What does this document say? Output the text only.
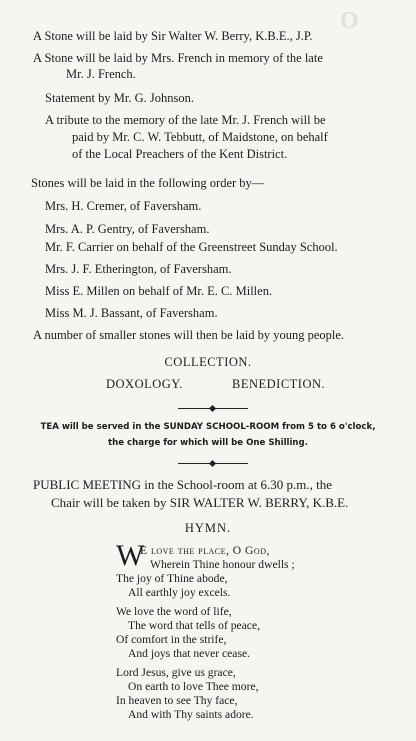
O
A Stone will be laid by Sir Walter W. Berry, K.B.E., J.P.
A Stone will be laid by Mrs. French in memory of the late
Mr. J. French.
Statement by Mr. G. Johnson.
A tribute to the memory of the late Mr. J. French will be
paid by Mr. C. W. Tebbutt, of Maidstone, on behalf
of the Local Preachers of the Kent District.
Stones will be laid in the following order by—
Mrs. H. Cremer, of Faversham.
Mrs. A. P. Gentry, of Faversham.
Mr. F. Carrier on behalf of the Greenstreet Sunday School.
Mrs. J. F. Etherington, of Faversham.
Miss E. Millen on behalf of Mr. E. C. Millen.
Miss M. J. Bassant, of Faversham.
A number of smaller stones will then be laid by young people.
COLLECTION.
DOXOLOGY.	BENEDICTION.
TEA will be served in the SUNDAY SCHOOL-ROOM from 5 to 6 o'clock,
the charge for which will be One Shilling.
PUBLIC MEETING in the School-room at 6.30 p.m., the
Chair will be taken by SIR WALTER W. BERRY, K.B.E.
HYMN.
W
E love the place, O God,
Wherein Thine honour dwells ;
The joy of Thine abode,
All earthly joy excels.
We love the word of life,
The word that tells of peace,
Of comfort in the strife,
And joys that never cease.
Lord Jesus, give us grace,
On earth to love Thee more,
In heaven to see Thy face,
And with Thy saints adore.
